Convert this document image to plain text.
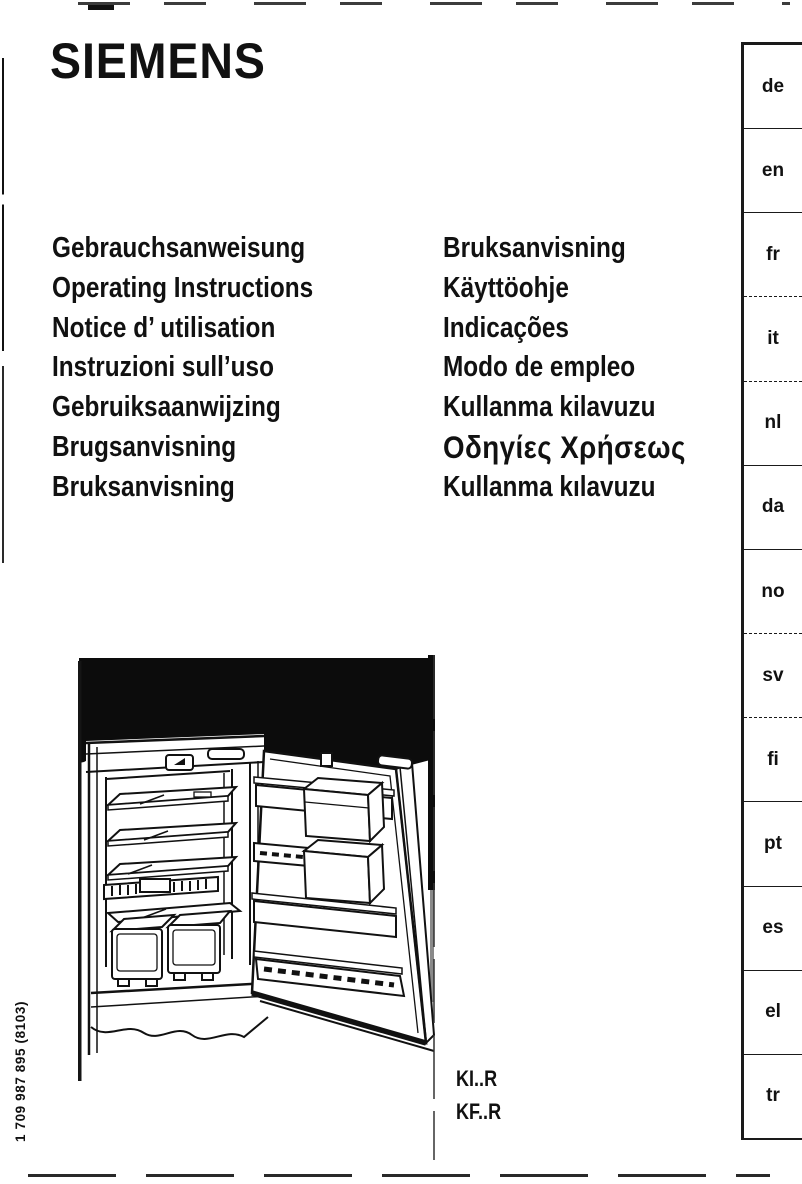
SIEMENS
Gebrauchsanweisung
Operating Instructions
Notice d’ utilisation
Instruzioni sull’uso
Gebruiksaanwijzing
Brugsanvisning
Bruksanvisning
Bruksanvisning
Käyttöohje
Indicações
Modo de empleo
Kullanma kilavuzu
Οδηγίες Χρήσεως
Kullanma kılavuzu
de
en
fr
it
nl
da
no
sv
fi
pt
es
el
tr
KI..R
KF..R
1 709 987 895 (8103)
